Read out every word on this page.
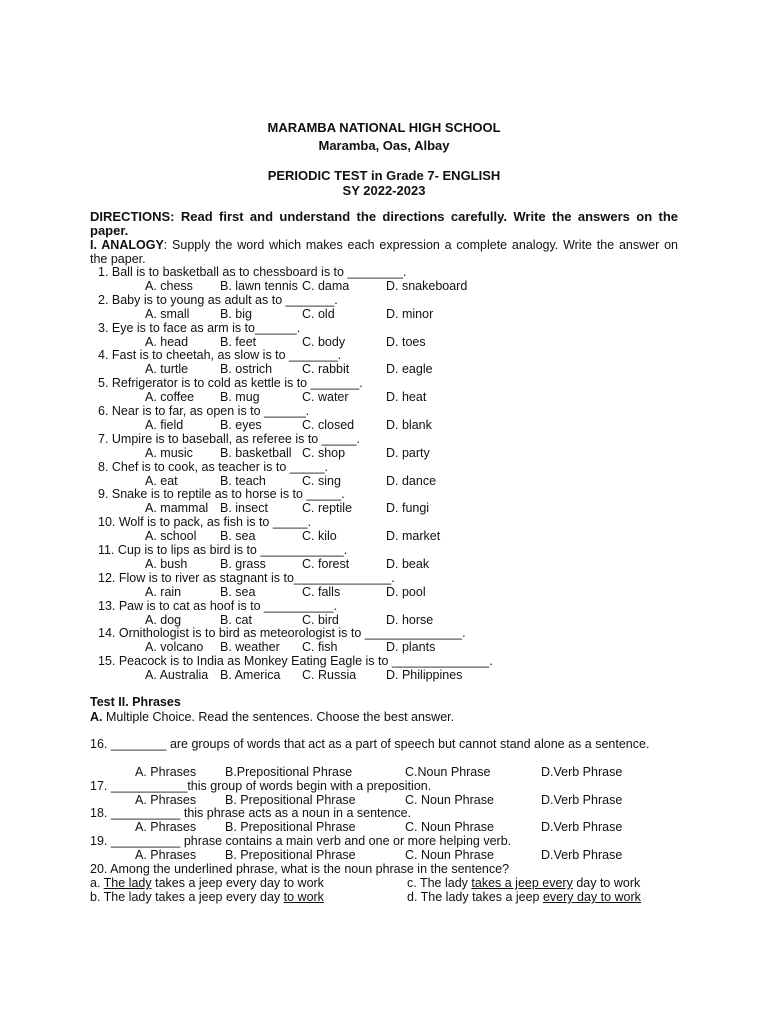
MARAMBA NATIONAL HIGH SCHOOL
Maramba, Oas, Albay
PERIODIC TEST in Grade 7- ENGLISH
SY 2022-2023
DIRECTIONS: Read first and understand the directions carefully. Write the answers on the paper.
I. ANALOGY: Supply the word which makes each expression a complete analogy. Write the answer on the paper.
1. Ball is to basketball as to chessboard is to ________.
A. chess B. lawn tennis C. dama	D. snakeboard
2. Baby is to young as adult as to _______.
A. small B. big	C. old	D. minor
3. Eye is to face as arm is to______.
A. head	B. feet	C. body	D. toes
4. Fast is to cheetah, as slow is to _______.
A. turtle	B. ostrich C. rabbit	D. eagle
5. Refrigerator is to cold as kettle is to _______.
A. coffee B. mug	C. water	D. heat
6. Near is to far, as open is to ______.
A. field	B. eyes	C. closed	D. blank
7. Umpire is to baseball, as referee is to _____.
A. music B. basketball C. shop	D. party
8. Chef is to cook, as teacher is to _____.
A. eat	B. teach	C. sing	D. dance
9. Snake is to reptile as to horse is to _____.
A. mammal B. insect	C. reptile	D. fungi
10. Wolf is to pack, as fish is to _____.
A. school B. sea	C. kilo	D. market
11. Cup is to lips as bird is to ____________.
A. bush	B. grass	C. forest	D. beak
12. Flow is to river as stagnant is to______________.
A. rain	B. sea	C. falls	D. pool
13. Paw is to cat as hoof is to __________.
A. dog	B. cat	C. bird	D. horse
14. Ornithologist is to bird as meteorologist is to ______________.
A. volcano B. weather C. fish	D. plants
15. Peacock is to India as Monkey Eating Eagle is to ______________.
A. Australia B. America C. Russia D. Philippines
Test II. Phrases
A. Multiple Choice. Read the sentences. Choose the best answer.
16. ________ are groups of words that act as a part of speech but cannot stand alone as a sentence.
A. Phrases B.Prepositional Phrase	C.Noun Phrase	D.Verb Phrase
17. ___________this group of words begin with a preposition.
A. Phrases B. Prepositional Phrase	C. Noun Phrase	D.Verb Phrase
18. __________ this phrase acts as a noun in a sentence.
A. Phrases B. Prepositional Phrase	C. Noun Phrase	D.Verb Phrase
19. __________ phrase contains a main verb and one or more helping verb.
A. Phrases B. Prepositional Phrase	C. Noun Phrase	D.Verb Phrase
20. Among the underlined phrase, what is the noun phrase in the sentence?
a. The lady takes a jeep every day to work	c. The lady takes a jeep every day to work
b. The lady takes a jeep every day to work	d. The lady takes a jeep every day to work
